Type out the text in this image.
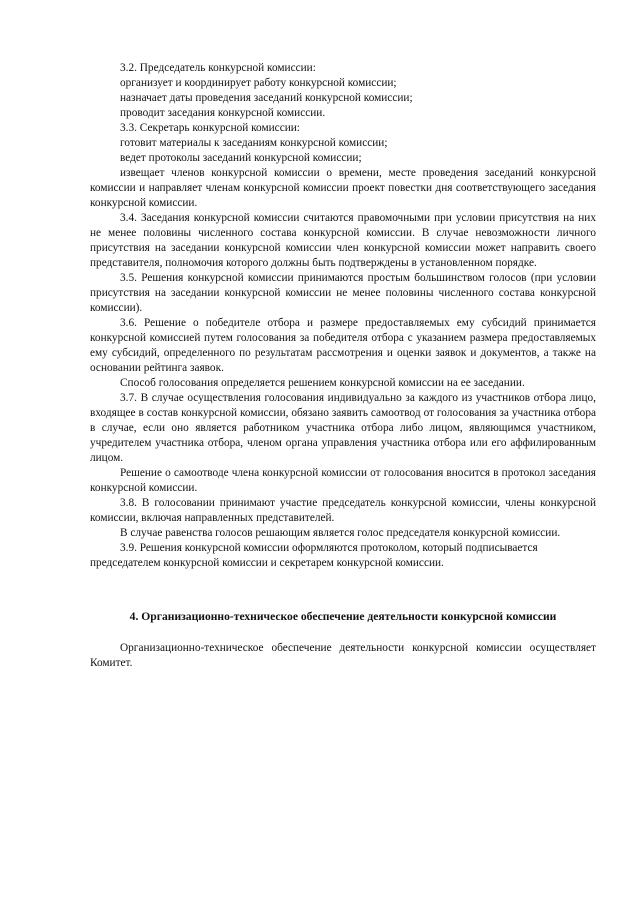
3.2. Председатель конкурсной комиссии:

организует и координирует работу конкурсной комиссии;

назначает даты проведения заседаний конкурсной комиссии;

проводит заседания конкурсной комиссии.

3.3. Секретарь конкурсной комиссии:

готовит материалы к заседаниям конкурсной комиссии;

ведет протоколы заседаний конкурсной комиссии;

извещает членов конкурсной комиссии о времени, месте проведения заседаний конкурсной комиссии и направляет членам конкурсной комиссии проект повестки дня соответствующего заседания конкурсной комиссии.

3.4. Заседания конкурсной комиссии считаются правомочными при условии присутствия на них не менее половины численного состава конкурсной комиссии. В случае невозможности личного присутствия на заседании конкурсной комиссии член конкурсной комиссии может направить своего представителя, полномочия которого должны быть подтверждены в установленном порядке.

3.5. Решения конкурсной комиссии принимаются простым большинством голосов (при условии присутствия на заседании конкурсной комиссии не менее половины численного состава конкурсной комиссии).

3.6. Решение о победителе отбора и размере предоставляемых ему субсидий принимается конкурсной комиссией путем голосования за победителя отбора с указанием размера предоставляемых ему субсидий, определенного по результатам рассмотрения и оценки заявок и документов, а также на основании рейтинга заявок.

Способ голосования определяется решением конкурсной комиссии на ее заседании.

3.7. В случае осуществления голосования индивидуально за каждого из участников отбора лицо, входящее в состав конкурсной комиссии, обязано заявить самоотвод от голосования за участника отбора в случае, если оно является работником участника отбора либо лицом, являющимся участником, учредителем участника отбора, членом органа управления участника отбора или его аффилированным лицом.

Решение о самоотводе члена конкурсной комиссии от голосования вносится в протокол заседания конкурсной комиссии.

3.8. В голосовании принимают участие председатель конкурсной комиссии, члены конкурсной комиссии, включая направленных представителей.

В случае равенства голосов решающим является голос председателя конкурсной комиссии.

3.9. Решения конкурсной комиссии оформляются протоколом, который подписывается председателем конкурсной комиссии и секретарем конкурсной комиссии.

4. Организационно-техническое обеспечение деятельности конкурсной комиссии

Организационно-техническое обеспечение деятельности конкурсной комиссии осуществляет Комитет.
